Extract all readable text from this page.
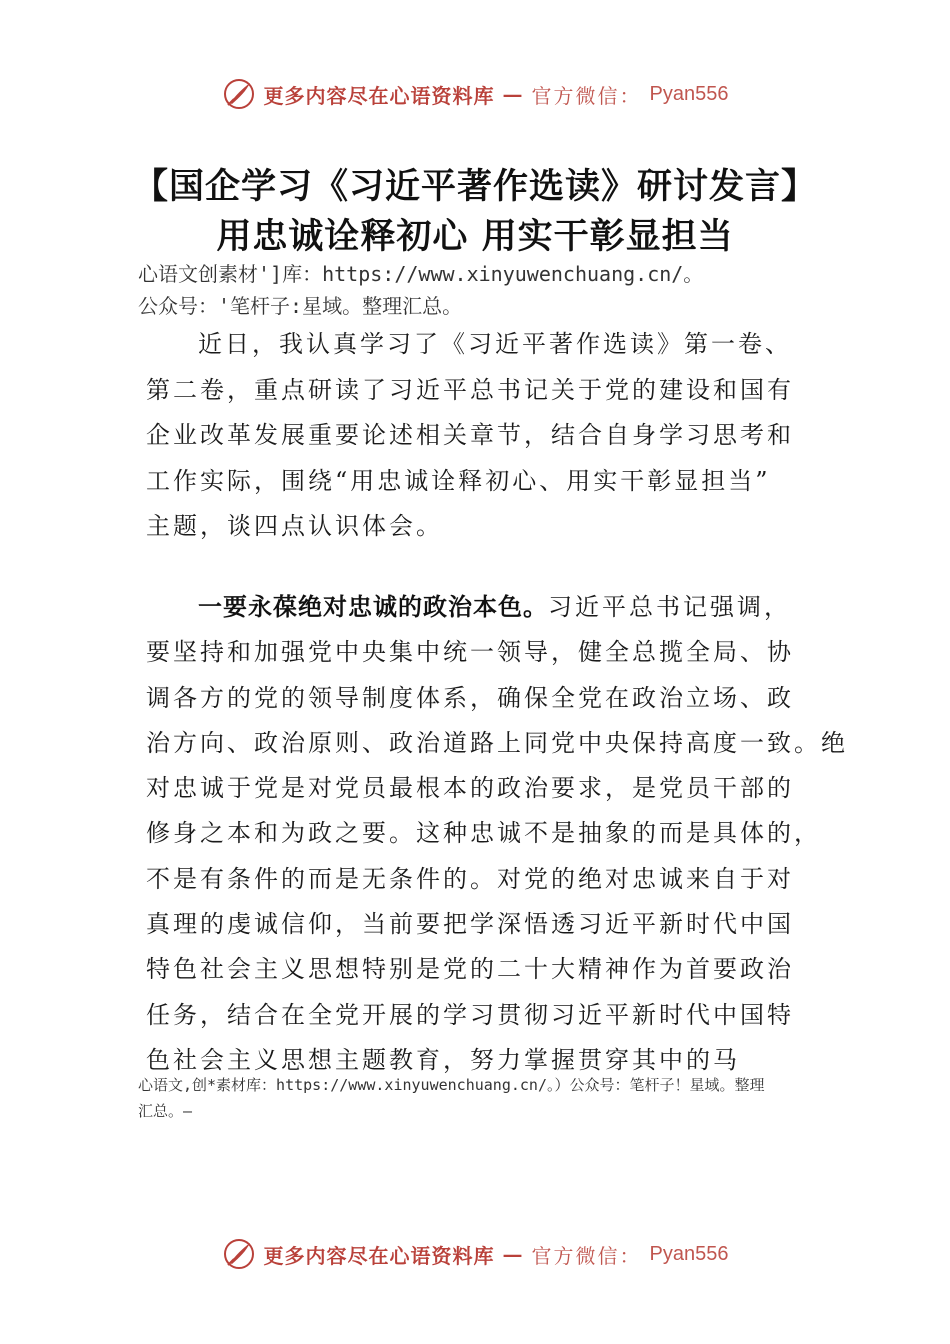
更多内容尽在心语资料库 — 官方微信： Pyan556
【国企学习《习近平著作选读》研讨发言】
用忠诚诠释初心 用实干彰显担当
心语文创素材']库：https://www.xinyuwenchuang.cn/。
公众号：'笔杆子:星域。整理汇总。
近日，我认真学习了《习近平著作选读》第一卷、
第二卷，重点研读了习近平总书记关于党的建设和国有
企业改革发展重要论述相关章节，结合自身学习思考和
工作实际，围绕“用忠诚诠释初心、用实干彰显担当”
主题，谈四点认识体会。
一要永葆绝对忠诚的政治本色。习近平总书记强调，
要坚持和加强党中央集中统一领导，健全总揽全局、协
调各方的党的领导制度体系，确保全党在政治立场、政
治方向、政治原则、政治道路上同党中央保持高度一致。绝
对忠诚于党是对党员最根本的政治要求，是党员干部的
修身之本和为政之要。这种忠诚不是抽象的而是具体的，
不是有条件的而是无条件的。对党的绝对忠诚来自于对
真理的虔诚信仰，当前要把学深悟透习近平新时代中国
特色社会主义思想特别是党的二十大精神作为首要政治
任务，结合在全党开展的学习贯彻习近平新时代中国特
色社会主义思想主题教育，努力掌握贯穿其中的马
心语文,创*素材库：https://www.xinyuwenchuang.cn/。）公众号：笔杆子！星域。整理
汇总。—
更多内容尽在心语资料库 — 官方微信： Pyan556
